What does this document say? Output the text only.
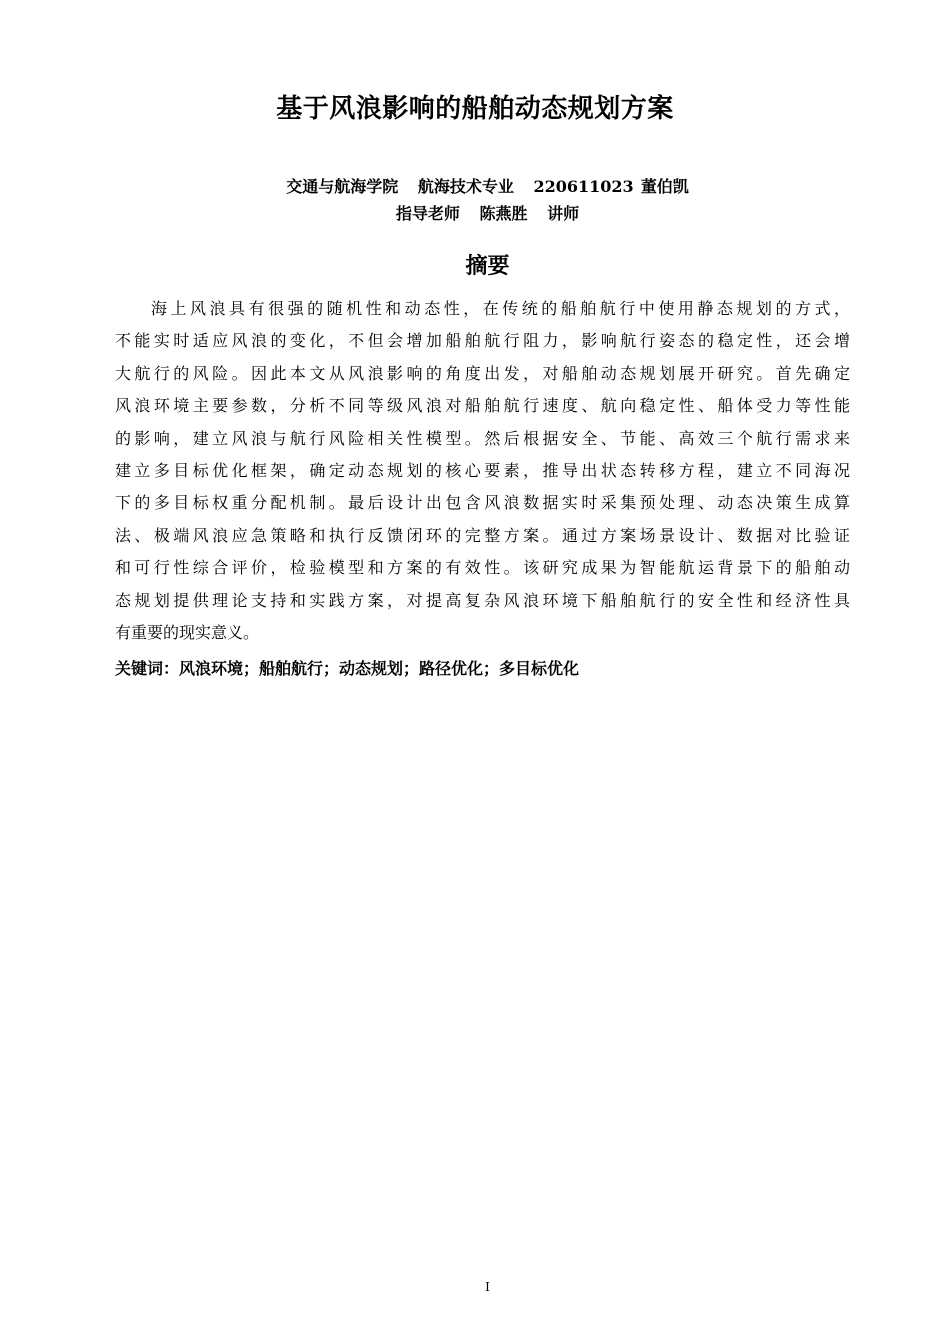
基于风浪影响的船舶动态规划方案
交通与航海学院 航海技术专业 220611023 董伯凯
指导老师 陈燕胜 讲师
摘要
海上风浪具有很强的随机性和动态性，在传统的船舶航行中使用静态规划的方式，
不能实时适应风浪的变化，不但会增加船舶航行阻力，影响航行姿态的稳定性，还会增
大航行的风险。因此本文从风浪影响的角度出发，对船舶动态规划展开研究。首先确定
风浪环境主要参数，分析不同等级风浪对船舶航行速度、航向稳定性、船体受力等性能
的影响，建立风浪与航行风险相关性模型。然后根据安全、节能、高效三个航行需求来
建立多目标优化框架，确定动态规划的核心要素，推导出状态转移方程，建立不同海况
下的多目标权重分配机制。最后设计出包含风浪数据实时采集预处理、动态决策生成算
法、极端风浪应急策略和执行反馈闭环的完整方案。通过方案场景设计、数据对比验证
和可行性综合评价，检验模型和方案的有效性。该研究成果为智能航运背景下的船舶动
态规划提供理论支持和实践方案，对提高复杂风浪环境下船舶航行的安全性和经济性具
有重要的现实意义。
关键词：风浪环境；船舶航行；动态规划；路径优化；多目标优化
I
